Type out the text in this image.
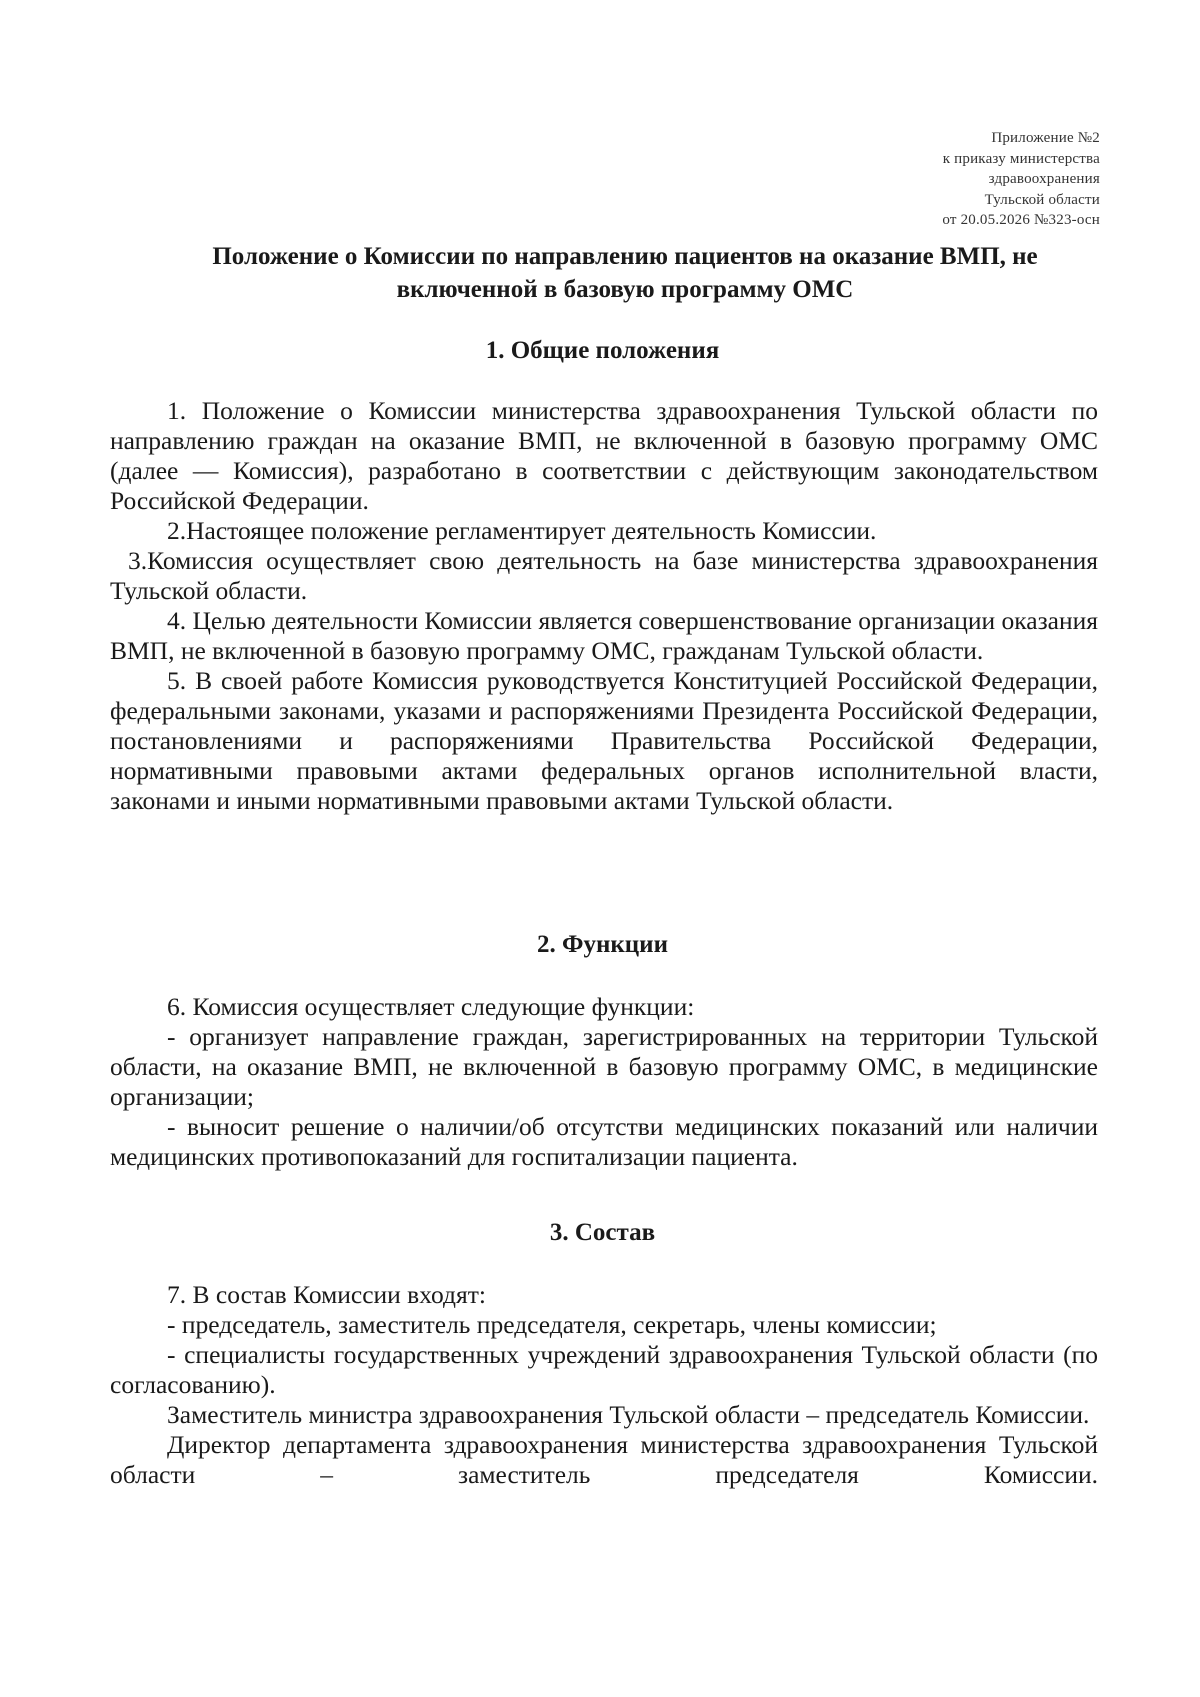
Приложение №2
к приказу министерства
здравоохранения
Тульской области
от 20.05.2026 №323-осн
Положение о Комиссии по направлению пациентов на оказание ВМП, не
включенной в базовую программу ОМС
1. Общие положения

1. Положение о Комиссии министерства здравоохранения Тульской области по направлению граждан на оказание ВМП, не включенной в базовую программу ОМС (далее — Комиссия), разработано в соответствии с действующим законодательством Российской Федерации.

2.Настоящее положение регламентирует деятельность Комиссии.

3.Комиссия осуществляет свою деятельность на базе министерства здравоохранения Тульской области.

4. Целью деятельности Комиссии является совершенствование организации оказания ВМП, не включенной в базовую программу ОМС, гражданам Тульской области.

5. В своей работе Комиссия руководствуется Конституцией Российской Федерации, федеральными законами, указами и распоряжениями Президента Российской Федерации, постановлениями и распоряжениями Правительства Российской Федерации, нормативными правовыми актами федеральных органов исполнительной власти, законами и иными нормативными правовыми актами Тульской области.

2. Функции

6. Комиссия осуществляет следующие функции:

- организует направление граждан, зарегистрированных на территории Тульской области, на оказание ВМП, не включенной в базовую программу ОМС, в медицинские организации;

- выносит решение о наличии/об отсутстви медицинских показаний или наличии медицинских противопоказаний для госпитализации пациента.

3. Состав

7. В состав Комиссии входят:

- председатель, заместитель председателя, секретарь, члены комиссии;

- специалисты государственных учреждений здравоохранения Тульской области (по согласованию).

Заместитель министра здравоохранения Тульской области – председатель Комиссии.

Директор департамента здравоохранения министерства здравоохранения Тульской области – заместитель председателя Комиссии.
